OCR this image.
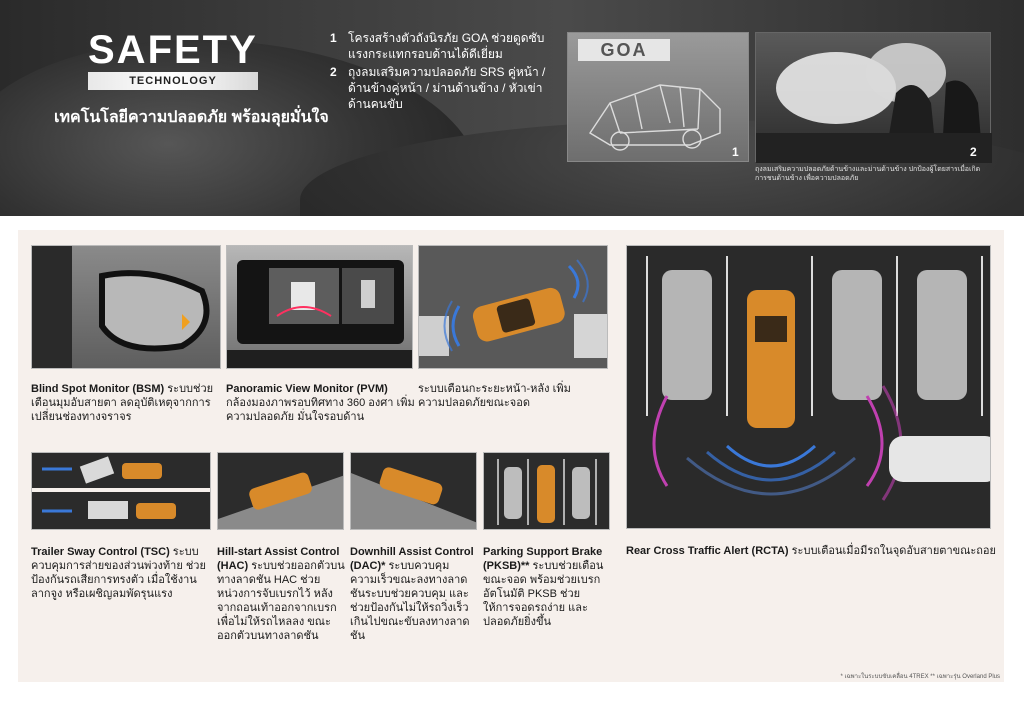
SAFETY
TECHNOLOGY
เทคโนโลยีความปลอดภัย พร้อมลุยมั่นใจ
1 โครงสร้างตัวถังนิรภัย GOA ช่วยดูดซับแรงกระแทกรอบด้านได้ดีเยี่ยม
2 ถุงลมเสริมความปลอดภัย SRS คู่หน้า / ด้านข้างคู่หน้า / ม่านด้านข้าง / หัวเข่าด้านคนขับ
GOA
1	2
ถุงลมเสริมความปลอดภัยด้านข้างและม่านด้านข้าง ปกป้องผู้โดยสารเมื่อเกิดการชนด้านข้าง เพื่อความปลอดภัย
Blind Spot Monitor (BSM) ระบบช่วยเตือนมุมอับสายตา ลดอุบัติเหตุจากการเปลี่ยนช่องทางจราจร
Panoramic View Monitor (PVM) กล้องมองภาพรอบทิศทาง 360 องศา เพิ่มความปลอดภัย มั่นใจรอบด้าน
ระบบเตือนกะระยะหน้า-หลัง เพิ่มความปลอดภัยขณะจอด
Rear Cross Traffic Alert (RCTA) ระบบเตือนเมื่อมีรถในจุดอับสายตาขณะถอย
Trailer Sway Control (TSC) ระบบควบคุมการส่ายของส่วนพ่วงท้าย ช่วยป้องกันรถเสียการทรงตัว เมื่อใช้งานลากจูง หรือเผชิญลมพัดรุนแรง
Hill-start Assist Control (HAC) ระบบช่วยออกตัวบนทางลาดชัน HAC ช่วยหน่วงการจับเบรกไว้ หลังจากถอนเท้าออกจากเบรก เพื่อไม่ให้รถไหลลง ขณะออกตัวบนทางลาดชัน
Downhill Assist Control (DAC)* ระบบควบคุมความเร็วขณะลงทางลาดชันระบบช่วยควบคุม และช่วยป้องกันไม่ให้รถวิ่งเร็วเกินไปขณะขับลงทางลาดชัน
Parking Support Brake (PKSB)** ระบบช่วยเตือนขณะจอด พร้อมช่วยเบรกอัตโนมัติ PKSB ช่วยให้การจอดรถง่าย และปลอดภัยยิ่งขึ้น
* เฉพาะในระบบขับเคลื่อน 4TREX ** เฉพาะรุ่น Overland Plus
